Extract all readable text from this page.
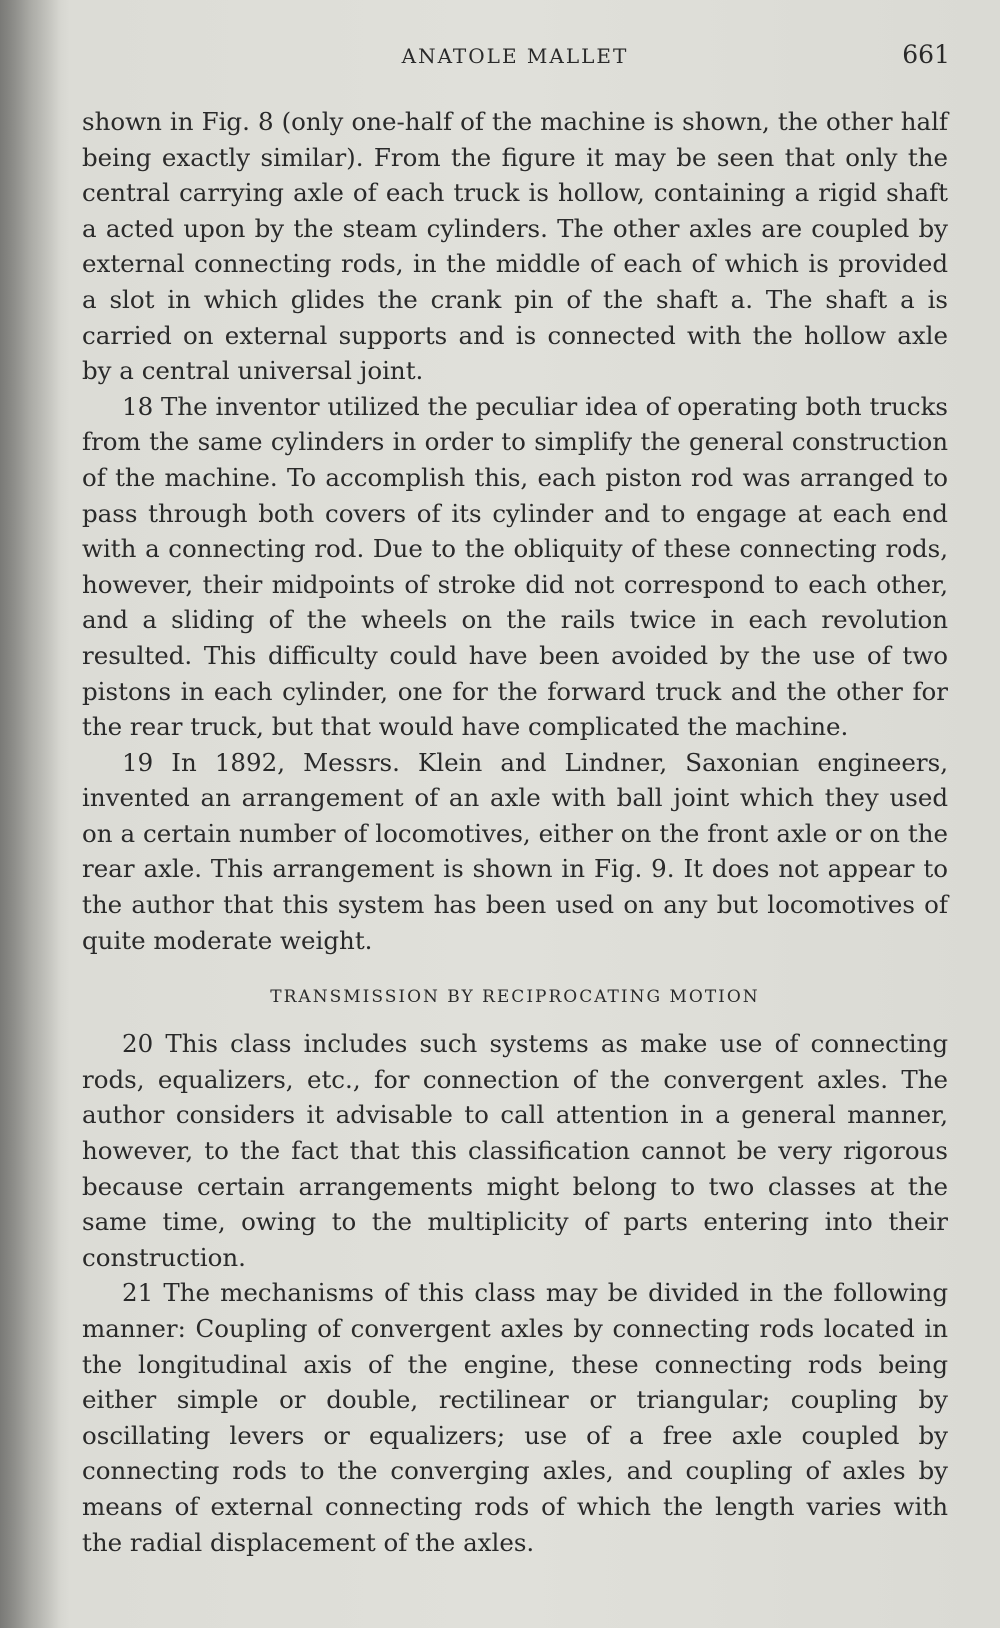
ANATOLE MALLET	661

shown in Fig. 8 (only one-half of the machine is shown, the other half being exactly similar). From the figure it may be seen that only the central carrying axle of each truck is hollow, containing a rigid shaft a acted upon by the steam cylinders. The other axles are coupled by external connecting rods, in the middle of each of which is provided a slot in which glides the crank pin of the shaft a. The shaft a is carried on external supports and is connected with the hollow axle by a central universal joint.

18 The inventor utilized the peculiar idea of operating both trucks from the same cylinders in order to simplify the general construction of the machine. To accomplish this, each piston rod was arranged to pass through both covers of its cylinder and to engage at each end with a connecting rod. Due to the obliquity of these connecting rods, however, their midpoints of stroke did not correspond to each other, and a sliding of the wheels on the rails twice in each revolution resulted. This difficulty could have been avoided by the use of two pistons in each cylinder, one for the forward truck and the other for the rear truck, but that would have complicated the machine.

19 In 1892, Messrs. Klein and Lindner, Saxonian engineers, invented an arrangement of an axle with ball joint which they used on a certain number of locomotives, either on the front axle or on the rear axle. This arrangement is shown in Fig. 9. It does not appear to the author that this system has been used on any but locomotives of quite moderate weight.

TRANSMISSION BY RECIPROCATING MOTION

20 This class includes such systems as make use of connecting rods, equalizers, etc., for connection of the convergent axles. The author considers it advisable to call attention in a general manner, however, to the fact that this classification cannot be very rigorous because certain arrangements might belong to two classes at the same time, owing to the multiplicity of parts entering into their construction.

21 The mechanisms of this class may be divided in the following manner: Coupling of convergent axles by connecting rods located in the longitudinal axis of the engine, these connecting rods being either simple or double, rectilinear or triangular; coupling by oscillating levers or equalizers; use of a free axle coupled by connecting rods to the converging axles, and coupling of axles by means of external connecting rods of which the length varies with the radial displacement of the axles.
